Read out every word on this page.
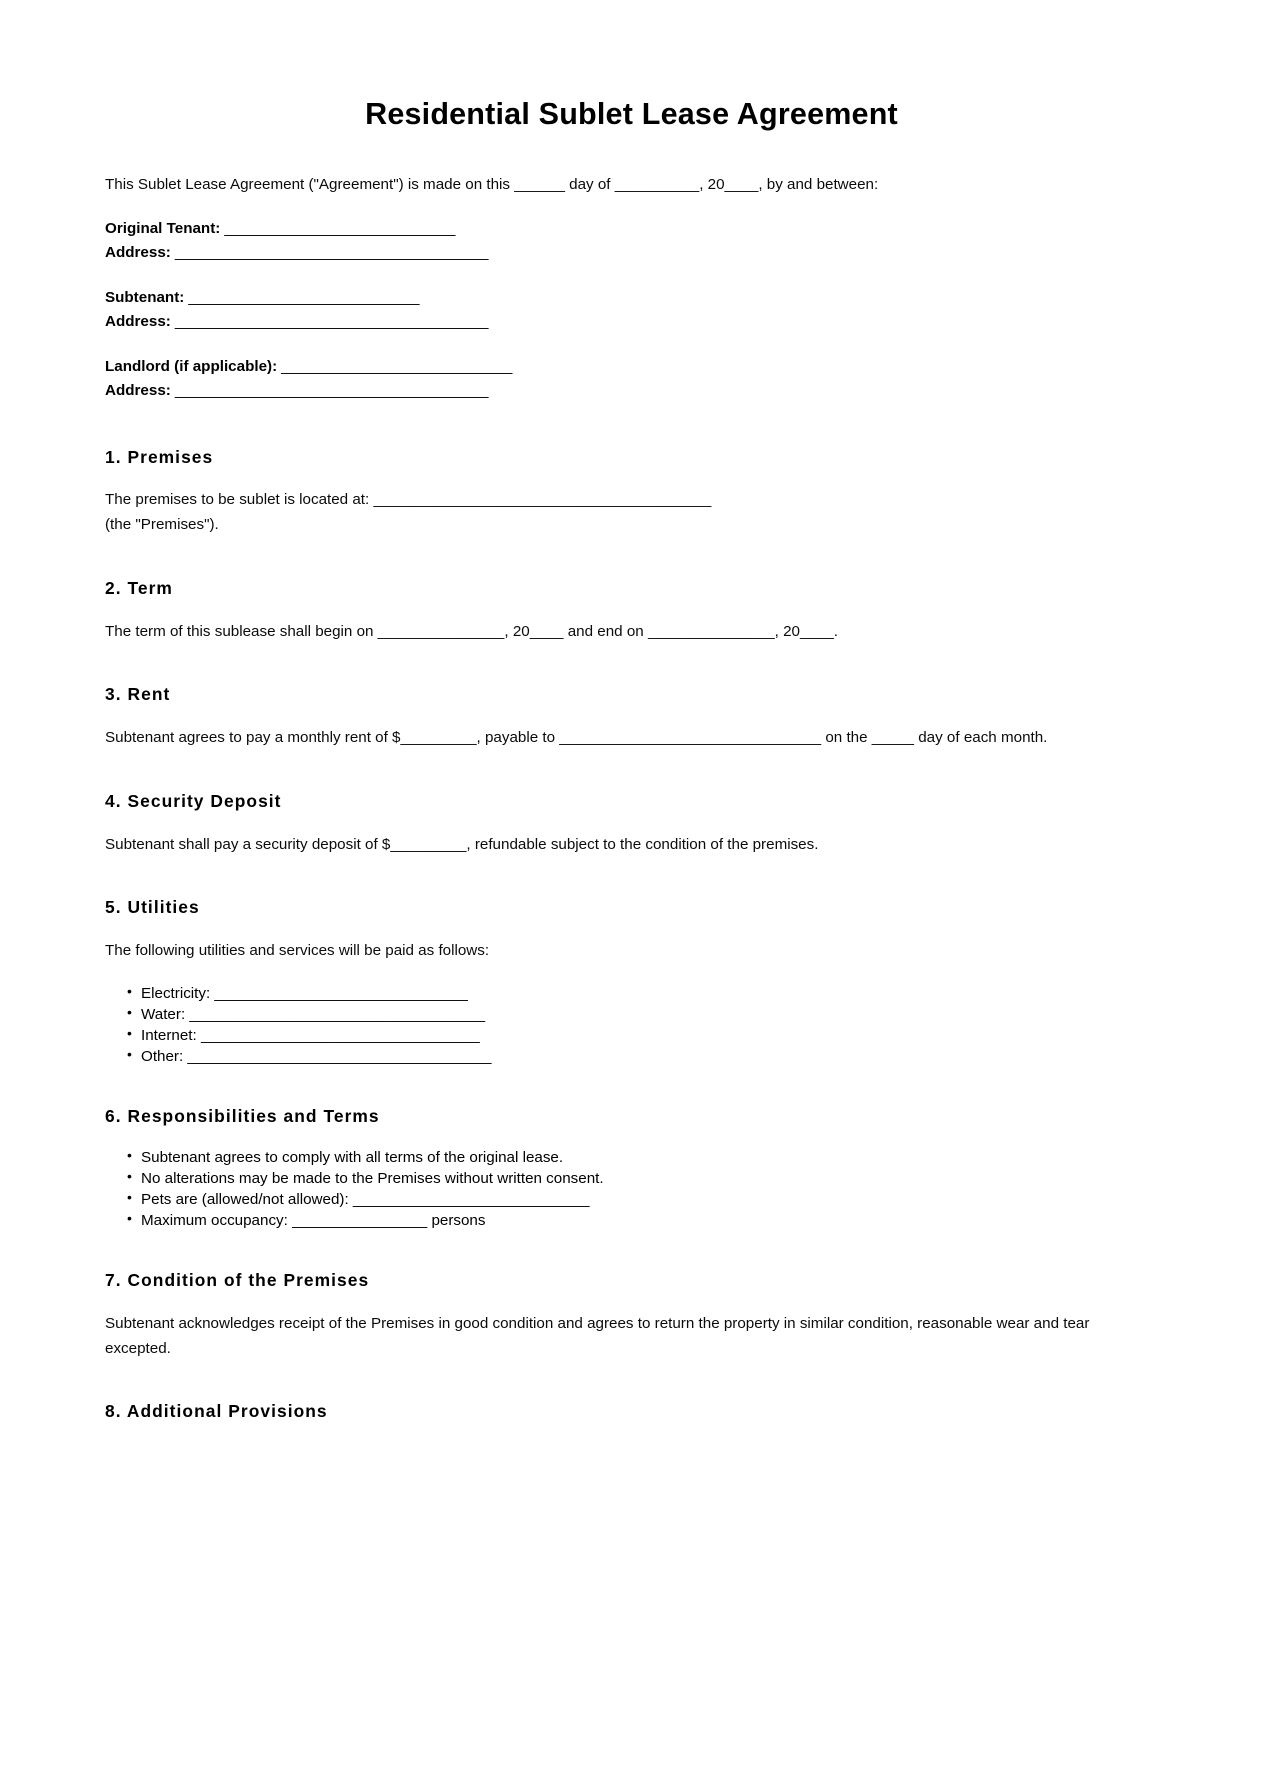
Residential Sublet Lease Agreement

This Sublet Lease Agreement ("Agreement") is made on this ______ day of __________, 20____, by and between:

Original Tenant: ____________________________

Address: ______________________________________

Subtenant: ____________________________

Address: ______________________________________

Landlord (if applicable): ____________________________

Address: ______________________________________

1. Premises

The premises to be sublet is located at: ________________________________________

(the "Premises").

2. Term

The term of this sublease shall begin on _______________, 20____ and end on _______________, 20____.

3. Rent

Subtenant agrees to pay a monthly rent of $_________, payable to _______________________________ on the _____ day of each month.

4. Security Deposit

Subtenant shall pay a security deposit of $_________, refundable subject to the condition of the premises.

5. Utilities

The following utilities and services will be paid as follows:

• Electricity: ______________________________
• Water: ___________________________________
• Internet: _________________________________
• Other: ____________________________________
6. Responsibilities and Terms
• Subtenant agrees to comply with all terms of the original lease.
• No alterations may be made to the Premises without written consent.
• Pets are (allowed/not allowed): ____________________________
• Maximum occupancy: ________________ persons
7. Condition of the Premises

Subtenant acknowledges receipt of the Premises in good condition and agrees to return the property in similar condition, reasonable wear and tear excepted.

8. Additional Provisions
